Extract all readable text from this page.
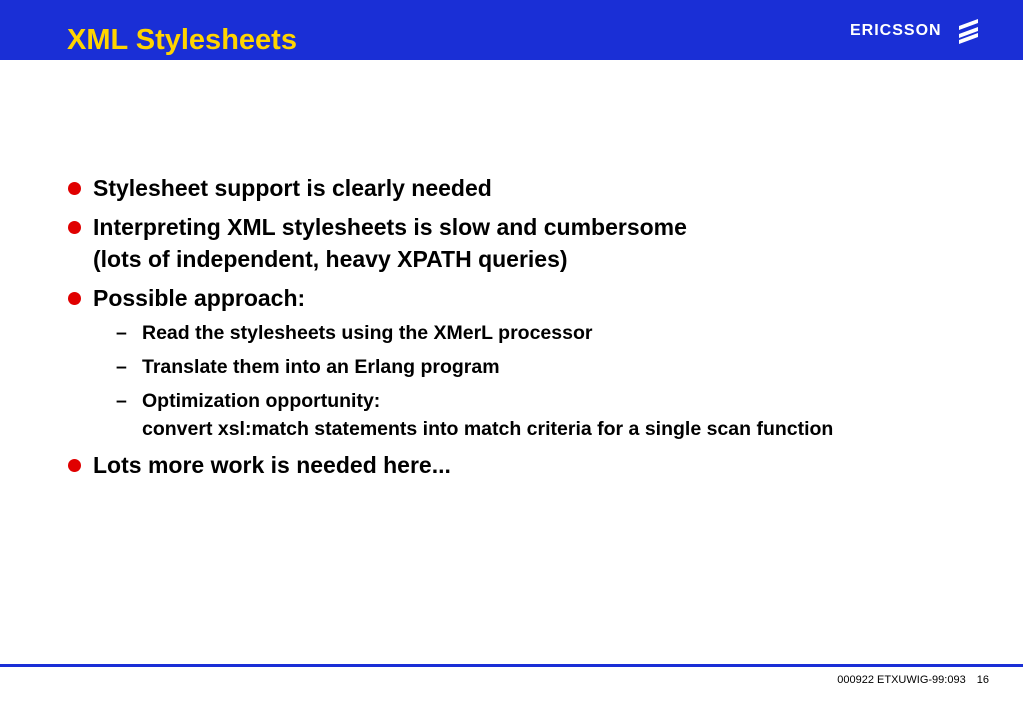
XML Stylesheets	ERICSSON
Stylesheet support is clearly needed
Interpreting XML stylesheets is slow and cumbersome
(lots of independent, heavy XPATH queries)
Possible approach:
– Read the stylesheets using the XMerL processor
– Translate them into an Erlang program
– Optimization opportunity:
convert xsl:match statements into match criteria for a single scan function
Lots more work is needed here...
000922 ETXUWIG-99:093 16
